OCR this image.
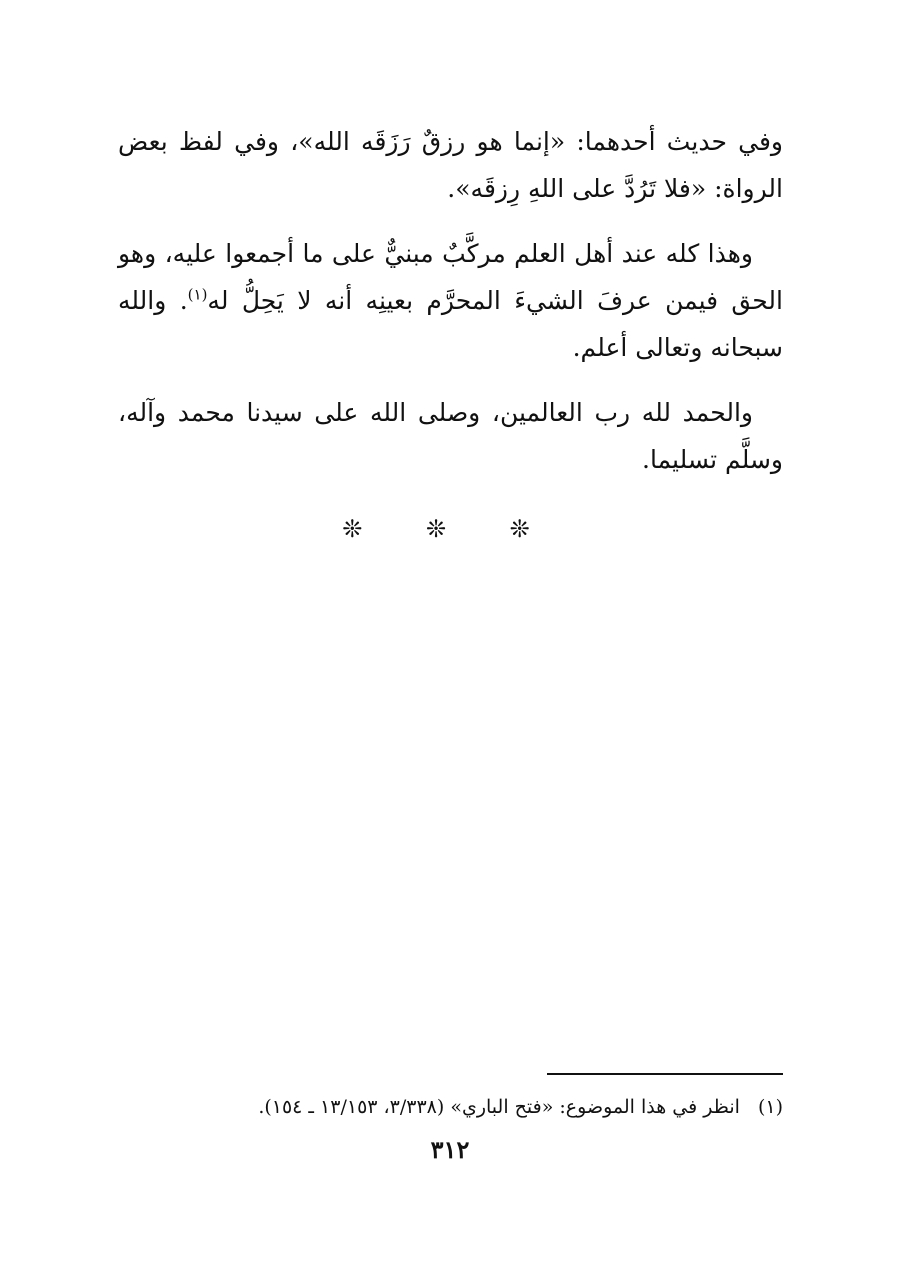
وفي حديث أحدهما: «إنما هو رزقٌ رَزَقَه الله»، وفي لفظ بعض الرواة: «فلا تَرُدَّ على اللهِ رِزقَه».

وهذا كله عند أهل العلم مركَّبٌ مبنيٌّ على ما أجمعوا عليه، وهو الحق فيمن عرفَ الشيءَ المحرَّم بعينِه أنه لا يَحِلُّ له$^{(١)}$. والله سبحانه وتعالى أعلم.

والحمد لله رب العالمين، وصلى الله على سيدنا محمد وآله، وسلَّم تسليما.

❊ ❊ ❊
(١) انظر في هذا الموضوع: «فتح الباري» (٣/٣٣٨، ١٣/١٥٣ ـ ١٥٤).
٣١٢
